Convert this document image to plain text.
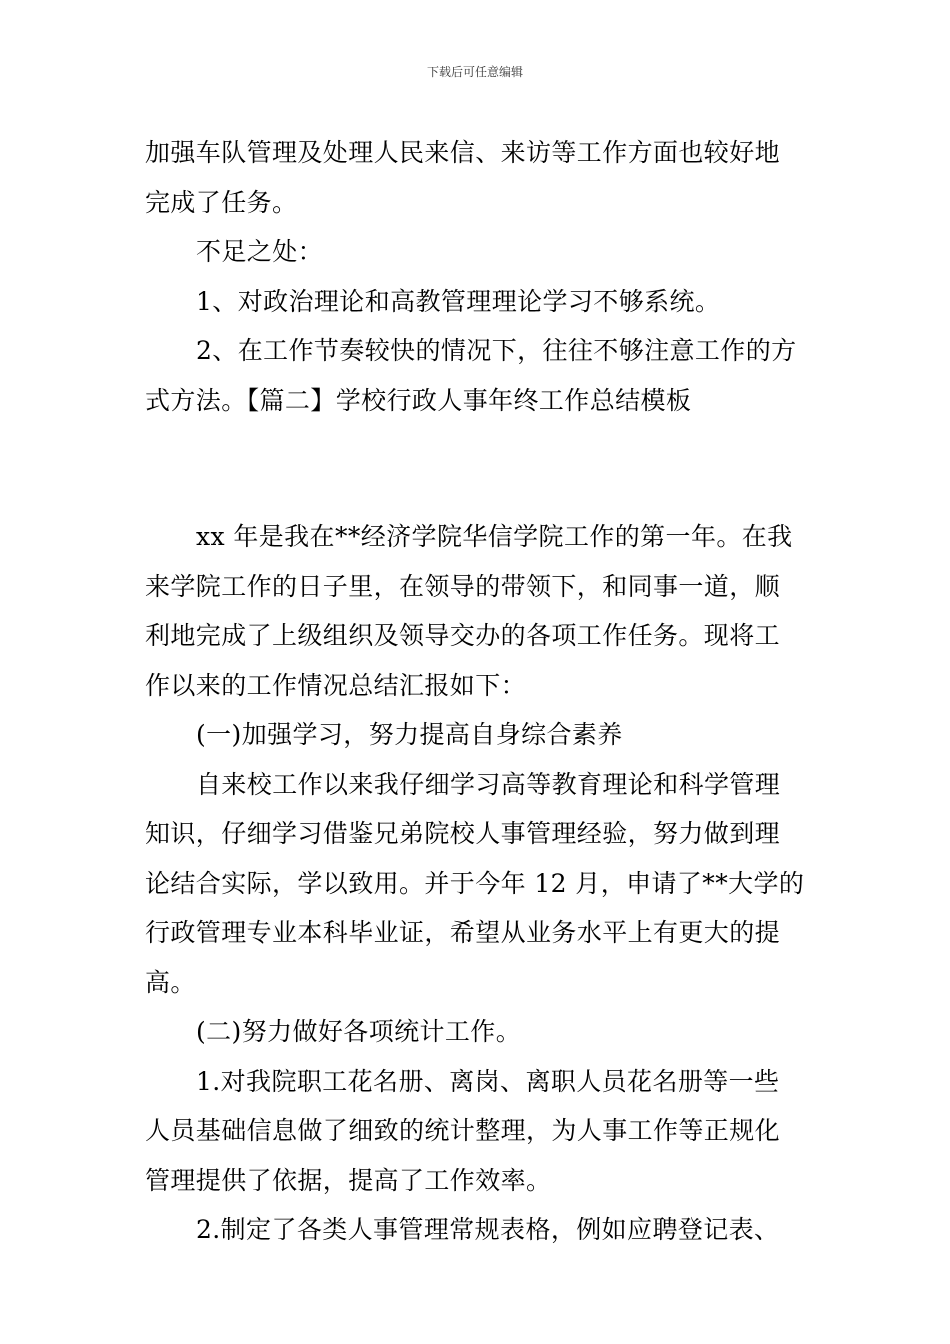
下载后可任意编辑
加强车队管理及处理人民来信、来访等工作方面也较好地
完成了任务。
不足之处：
1、对政治理论和高教管理理论学习不够系统。
2、在工作节奏较快的情况下，往往不够注意工作的方
式方法。【篇二】学校行政人事年终工作总结模板
xx 年是我在**经济学院华信学院工作的第一年。在我
来学院工作的日子里，在领导的带领下，和同事一道，顺
利地完成了上级组织及领导交办的各项工作任务。现将工
作以来的工作情况总结汇报如下：
(一)加强学习，努力提高自身综合素养
自来校工作以来我仔细学习高等教育理论和科学管理
知识，仔细学习借鉴兄弟院校人事管理经验，努力做到理
论结合实际，学以致用。并于今年 12 月，申请了**大学的
行政管理专业本科毕业证，希望从业务水平上有更大的提
高。
(二)努力做好各项统计工作。
1.对我院职工花名册、离岗、离职人员花名册等一些
人员基础信息做了细致的统计整理，为人事工作等正规化
管理提供了依据，提高了工作效率。
2.制定了各类人事管理常规表格，例如应聘登记表、
